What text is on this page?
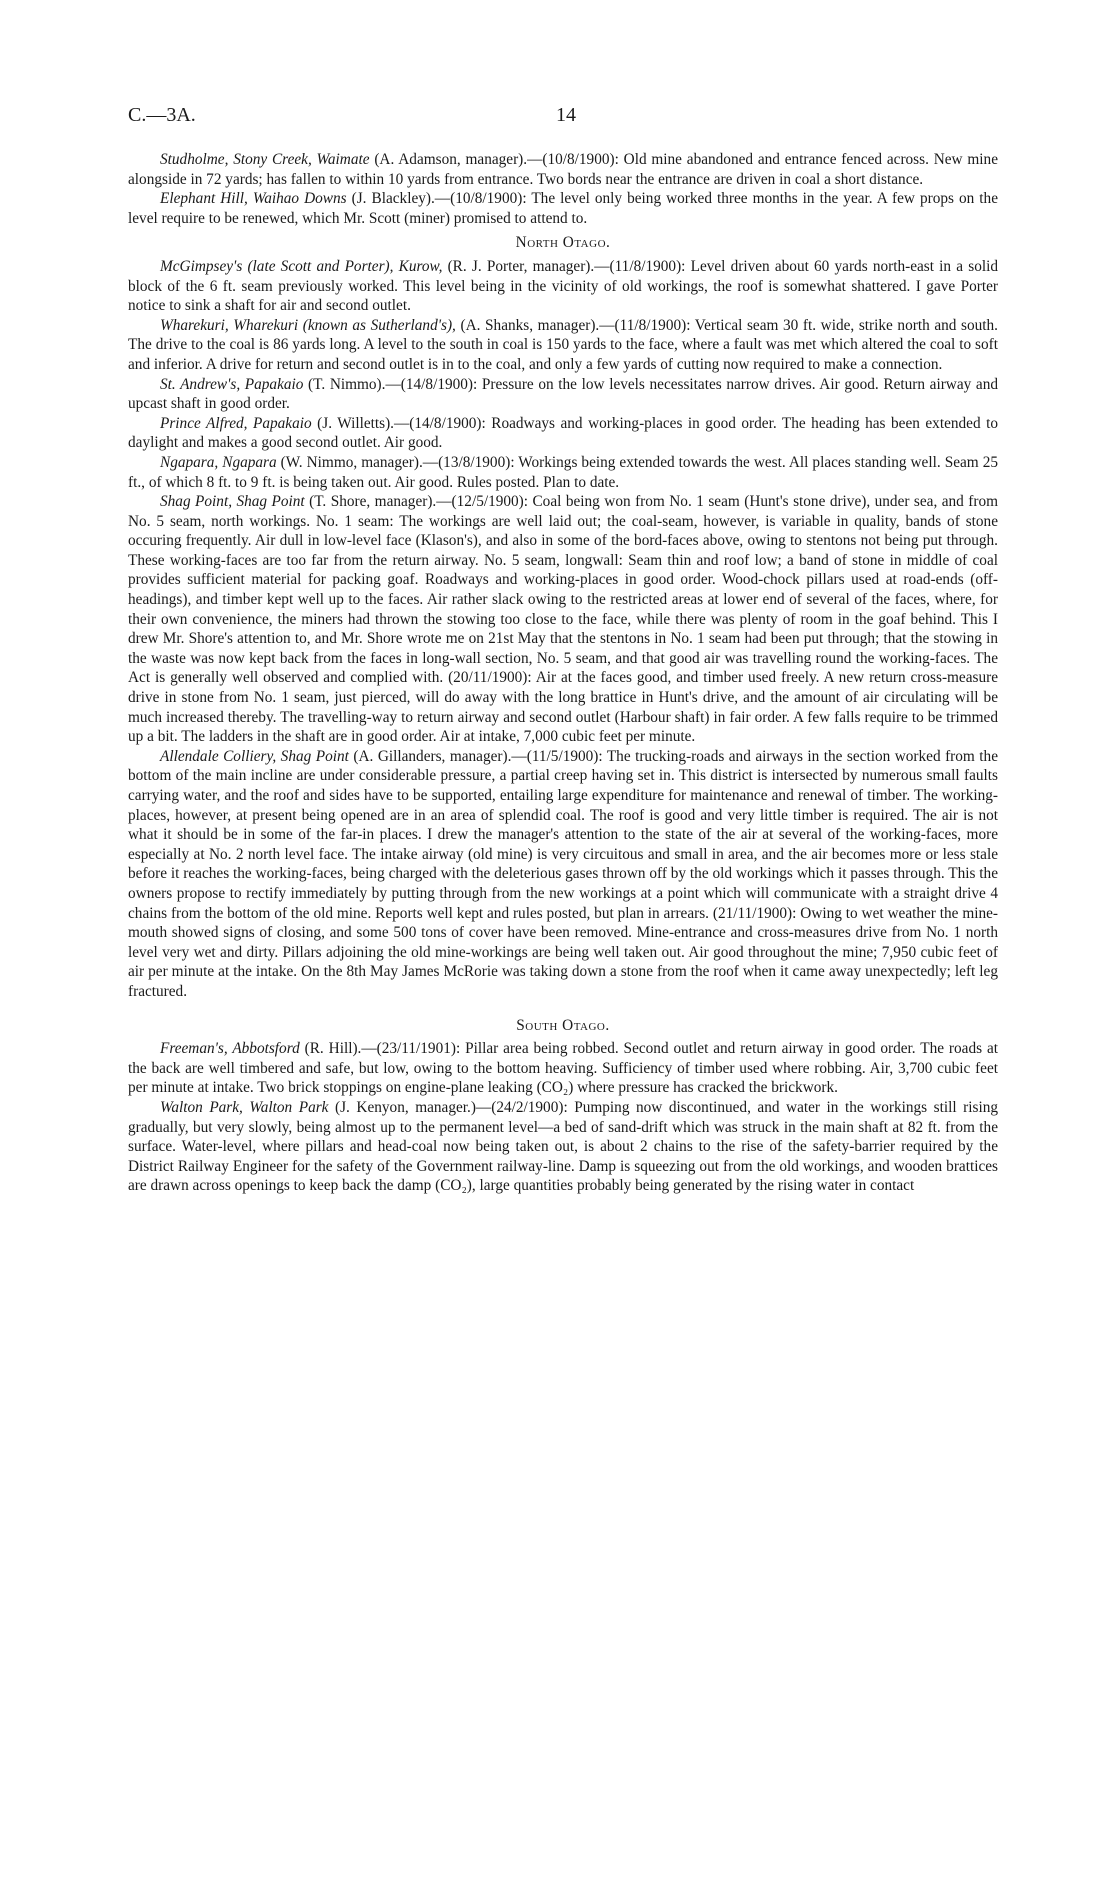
C.—3A.	14

Studholme, Stony Creek, Waimate (A. Adamson, manager).—(10/8/1900): Old mine abandoned and entrance fenced across. New mine alongside in 72 yards; has fallen to within 10 yards from entrance. Two bords near the entrance are driven in coal a short distance.

Elephant Hill, Waihao Downs (J. Blackley).—(10/8/1900): The level only being worked three months in the year. A few props on the level require to be renewed, which Mr. Scott (miner) promised to attend to.

North Otago.

McGimpsey's (late Scott and Porter), Kurow, (R. J. Porter, manager).—(11/8/1900): Level driven about 60 yards north-east in a solid block of the 6 ft. seam previously worked. This level being in the vicinity of old workings, the roof is somewhat shattered. I gave Porter notice to sink a shaft for air and second outlet.

Wharekuri, Wharekuri (known as Sutherland's), (A. Shanks, manager).—(11/8/1900): Vertical seam 30 ft. wide, strike north and south. The drive to the coal is 86 yards long. A level to the south in coal is 150 yards to the face, where a fault was met which altered the coal to soft and inferior. A drive for return and second outlet is in to the coal, and only a few yards of cutting now required to make a connection.

St. Andrew's, Papakaio (T. Nimmo).—(14/8/1900): Pressure on the low levels necessitates narrow drives. Air good. Return airway and upcast shaft in good order.

Prince Alfred, Papakaio (J. Willetts).—(14/8/1900): Roadways and working-places in good order. The heading has been extended to daylight and makes a good second outlet. Air good.

Ngapara, Ngapara (W. Nimmo, manager).—(13/8/1900): Workings being extended towards the west. All places standing well. Seam 25 ft., of which 8 ft. to 9 ft. is being taken out. Air good. Rules posted. Plan to date.

Shag Point, Shag Point (T. Shore, manager).—(12/5/1900): Coal being won from No. 1 seam (Hunt's stone drive), under sea, and from No. 5 seam, north workings. No. 1 seam: The workings are well laid out; the coal-seam, however, is variable in quality, bands of stone occuring frequently. Air dull in low-level face (Klason's), and also in some of the bord-faces above, owing to stentons not being put through. These working-faces are too far from the return airway. No. 5 seam, longwall: Seam thin and roof low; a band of stone in middle of coal provides sufficient material for packing goaf. Roadways and working-places in good order. Wood-chock pillars used at road-ends (off-headings), and timber kept well up to the faces. Air rather slack owing to the restricted areas at lower end of several of the faces, where, for their own convenience, the miners had thrown the stowing too close to the face, while there was plenty of room in the goaf behind. This I drew Mr. Shore's attention to, and Mr. Shore wrote me on 21st May that the stentons in No. 1 seam had been put through; that the stowing in the waste was now kept back from the faces in long-wall section, No. 5 seam, and that good air was travelling round the working-faces. The Act is generally well observed and complied with. (20/11/1900): Air at the faces good, and timber used freely. A new return cross-measure drive in stone from No. 1 seam, just pierced, will do away with the long brattice in Hunt's drive, and the amount of air circulating will be much increased thereby. The travelling-way to return airway and second outlet (Harbour shaft) in fair order. A few falls require to be trimmed up a bit. The ladders in the shaft are in good order. Air at intake, 7,000 cubic feet per minute.

Allendale Colliery, Shag Point (A. Gillanders, manager).—(11/5/1900): The trucking-roads and airways in the section worked from the bottom of the main incline are under considerable pressure, a partial creep having set in. This district is intersected by numerous small faults carrying water, and the roof and sides have to be supported, entailing large expenditure for maintenance and renewal of timber. The working-places, however, at present being opened are in an area of splendid coal. The roof is good and very little timber is required. The air is not what it should be in some of the far-in places. I drew the manager's attention to the state of the air at several of the working-faces, more especially at No. 2 north level face. The intake airway (old mine) is very circuitous and small in area, and the air becomes more or less stale before it reaches the working-faces, being charged with the deleterious gases thrown off by the old workings which it passes through. This the owners propose to rectify immediately by putting through from the new workings at a point which will communicate with a straight drive 4 chains from the bottom of the old mine. Reports well kept and rules posted, but plan in arrears. (21/11/1900): Owing to wet weather the mine-mouth showed signs of closing, and some 500 tons of cover have been removed. Mine-entrance and cross-measures drive from No. 1 north level very wet and dirty. Pillars adjoining the old mine-workings are being well taken out. Air good throughout the mine; 7,950 cubic feet of air per minute at the intake. On the 8th May James McRorie was taking down a stone from the roof when it came away unexpectedly; left leg fractured.

South Otago.

Freeman's, Abbotsford (R. Hill).—(23/11/1901): Pillar area being robbed. Second outlet and return airway in good order. The roads at the back are well timbered and safe, but low, owing to the bottom heaving. Sufficiency of timber used where robbing. Air, 3,700 cubic feet per minute at intake. Two brick stoppings on engine-plane leaking (CO₂) where pressure has cracked the brickwork.

Walton Park, Walton Park (J. Kenyon, manager.)—(24/2/1900): Pumping now discontinued, and water in the workings still rising gradually, but very slowly, being almost up to the permanent level—a bed of sand-drift which was struck in the main shaft at 82 ft. from the surface. Water-level, where pillars and head-coal now being taken out, is about 2 chains to the rise of the safety-barrier required by the District Railway Engineer for the safety of the Government railway-line. Damp is squeezing out from the old workings, and wooden brattices are drawn across openings to keep back the damp (CO₂), large quantities probably being generated by the rising water in contact
